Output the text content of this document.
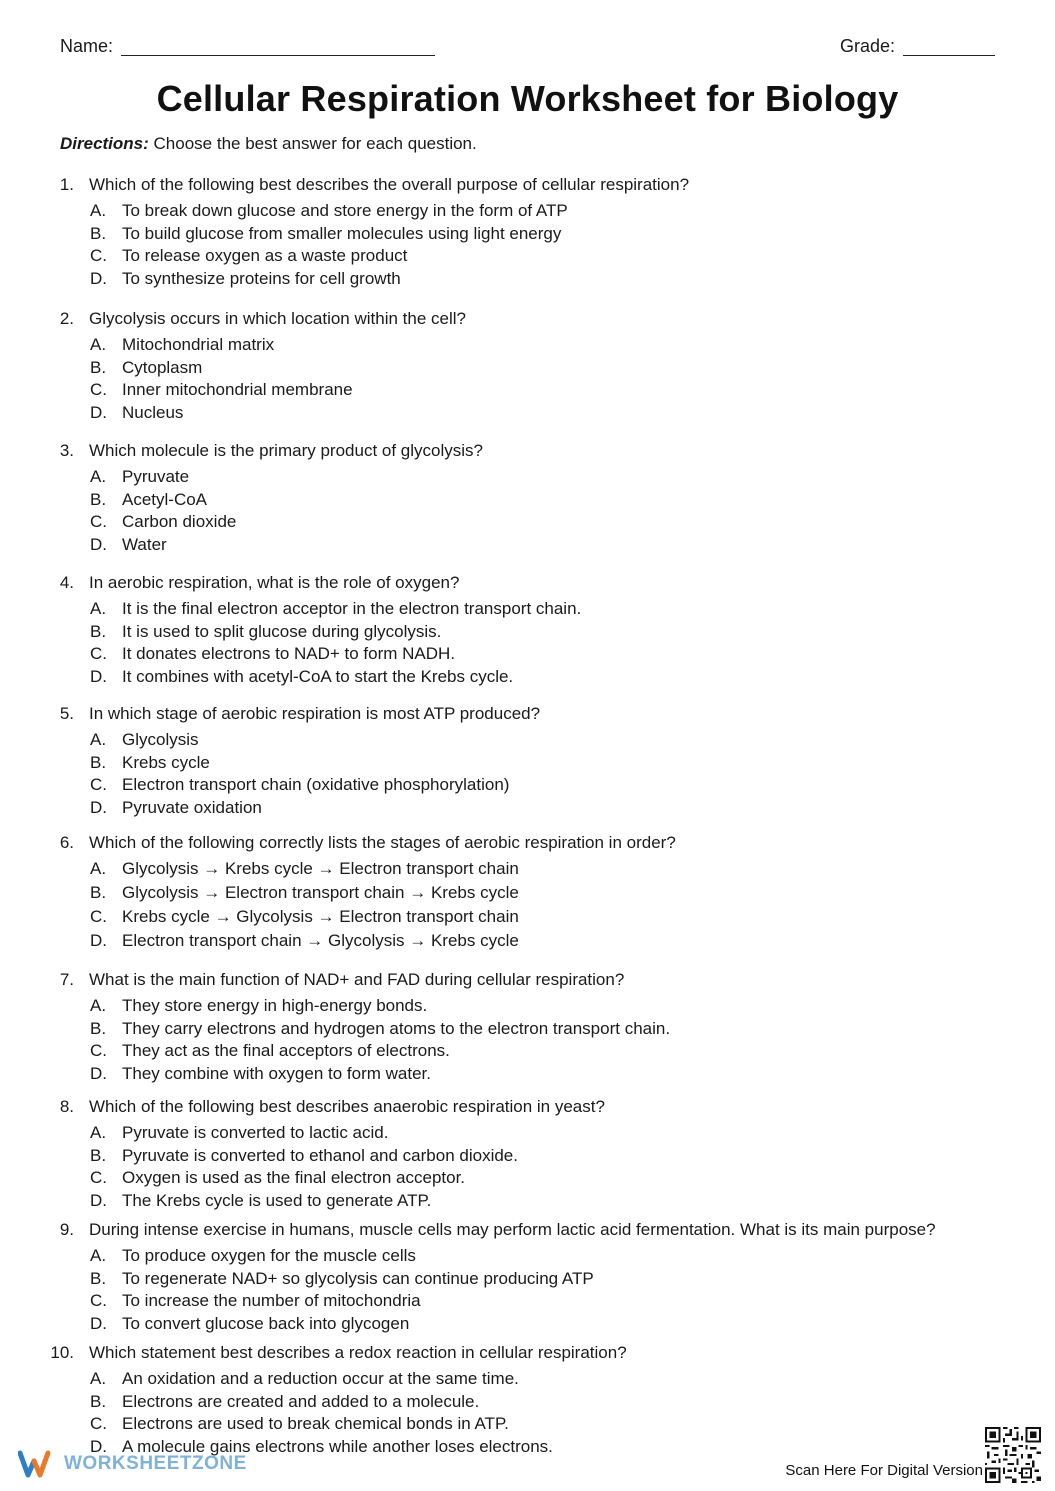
Name:	Grade:
Cellular Respiration Worksheet for Biology
Directions: Choose the best answer for each question.
1. Which of the following best describes the overall purpose of cellular respiration?
A. To break down glucose and store energy in the form of ATP
B. To build glucose from smaller molecules using light energy
C. To release oxygen as a waste product
D. To synthesize proteins for cell growth
2. Glycolysis occurs in which location within the cell?
A. Mitochondrial matrix
B. Cytoplasm
C. Inner mitochondrial membrane
D. Nucleus
3. Which molecule is the primary product of glycolysis?
A. Pyruvate
B. Acetyl-CoA
C. Carbon dioxide
D. Water
4. In aerobic respiration, what is the role of oxygen?
A. It is the final electron acceptor in the electron transport chain.
B. It is used to split glucose during glycolysis.
C. It donates electrons to NAD+ to form NADH.
D. It combines with acetyl-CoA to start the Krebs cycle.
5. In which stage of aerobic respiration is most ATP produced?
A. Glycolysis
B. Krebs cycle
C. Electron transport chain (oxidative phosphorylation)
D. Pyruvate oxidation
6. Which of the following correctly lists the stages of aerobic respiration in order?
A. Glycolysis → Krebs cycle → Electron transport chain
B. Glycolysis → Electron transport chain → Krebs cycle
C. Krebs cycle → Glycolysis → Electron transport chain
D. Electron transport chain → Glycolysis → Krebs cycle
7. What is the main function of NAD+ and FAD during cellular respiration?
A. They store energy in high-energy bonds.
B. They carry electrons and hydrogen atoms to the electron transport chain.
C. They act as the final acceptors of electrons.
D. They combine with oxygen to form water.
8. Which of the following best describes anaerobic respiration in yeast?
A. Pyruvate is converted to lactic acid.
B. Pyruvate is converted to ethanol and carbon dioxide.
C. Oxygen is used as the final electron acceptor.
D. The Krebs cycle is used to generate ATP.
9. During intense exercise in humans, muscle cells may perform lactic acid fermentation. What is its main purpose?
A. To produce oxygen for the muscle cells
B. To regenerate NAD+ so glycolysis can continue producing ATP
C. To increase the number of mitochondria
D. To convert glucose back into glycogen
10. Which statement best describes a redox reaction in cellular respiration?
A. An oxidation and a reduction occur at the same time.
B. Electrons are created and added to a molecule.
C. Electrons are used to break chemical bonds in ATP.
D. A molecule gains electrons while another loses electrons.
WORKSHEETZONE	Scan Here For Digital Version
